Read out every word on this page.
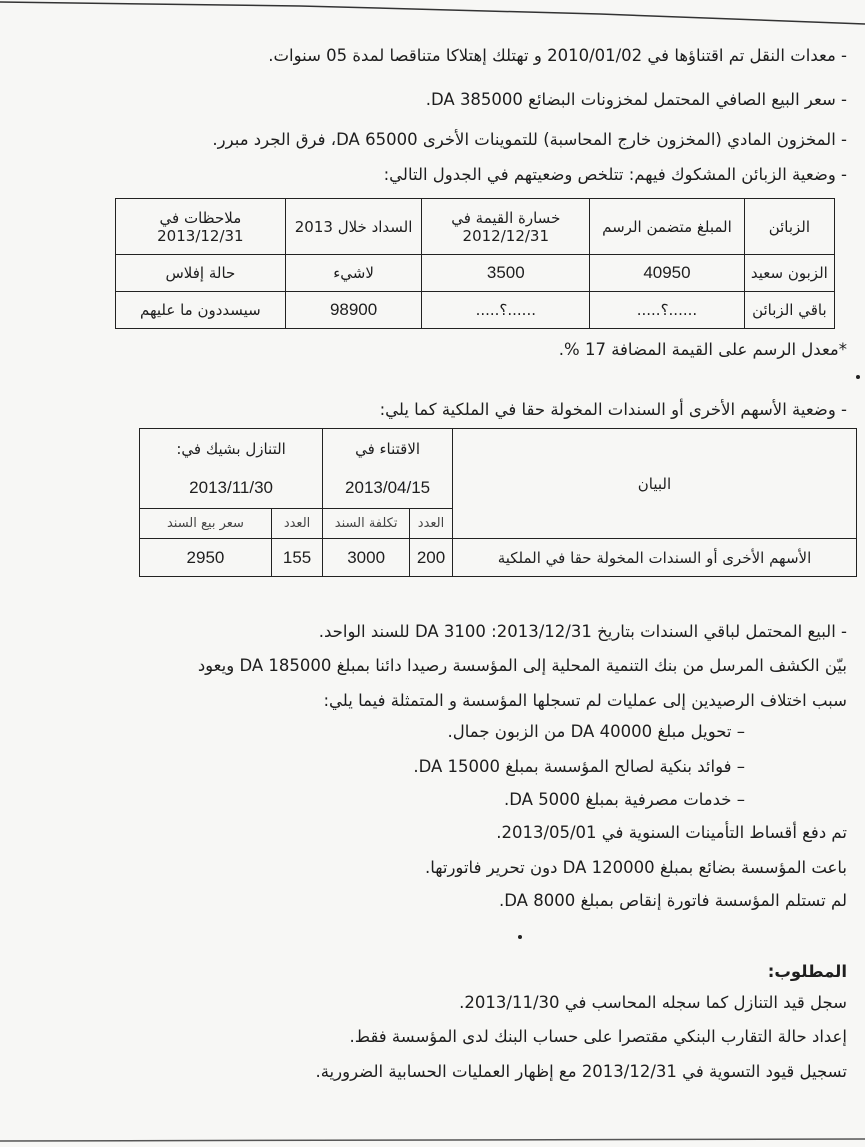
- معدات النقل تم اقتناؤها في 2010/01/02 و تهتلك إهتلاكا متناقصا لمدة 05 سنوات.
- سعر البيع الصافي المحتمل لمخزونات البضائع 385000 DA.
- المخزون المادي (المخزون خارج المحاسبة) للتموينات الأخرى 65000 DA، فرق الجرد مبرر.
- وضعية الزبائن المشكوك فيهم: تتلخص وضعيتهم في الجدول التالي:
الزبائن	المبلغ متضمن الرسم	خسارة القيمة في 2012/12/31	السداد خلال 2013	ملاحظات في 2013/12/31
الزبون سعيد	40950	3500	لاشيء	حالة إفلاس
باقي الزبائن	......؟.....	......؟.....	98900	سيسددون ما عليهم
*معدل الرسم على القيمة المضافة 17 %.
- وضعية الأسهم الأخرى أو السندات المخولة حقا في الملكية كما يلي:
البيان	الاقتناء في		التنازل بشيك في:	
	2013/04/15		2013/11/30	
	العدد	تكلفة السند	العدد	سعر بيع السند
الأسهم الأخرى أو السندات المخولة حقا في الملكية	200	3000	155	2950
- البيع المحتمل لباقي السندات بتاريخ 2013/12/31: 3100 DA للسند الواحد.
بيّن الكشف المرسل من بنك التنمية المحلية إلى المؤسسة رصيدا دائنا بمبلغ 185000 DA ويعود
سبب اختلاف الرصيدين إلى عمليات لم تسجلها المؤسسة و المتمثلة فيما يلي:
– تحويل مبلغ 40000 DA من الزبون جمال.
– فوائد بنكية لصالح المؤسسة بمبلغ 15000 DA.
– خدمات مصرفية بمبلغ 5000 DA.
تم دفع أقساط التأمينات السنوية في 2013/05/01.
باعت المؤسسة بضائع بمبلغ 120000 DA دون تحرير فاتورتها.
لم تستلم المؤسسة فاتورة إنقاص بمبلغ 8000 DA.
المطلوب:
سجل قيد التنازل كما سجله المحاسب في 2013/11/30.
إعداد حالة التقارب البنكي مقتصرا على حساب البنك لدى المؤسسة فقط.
تسجيل قيود التسوية في 2013/12/31 مع إظهار العمليات الحسابية الضرورية.
